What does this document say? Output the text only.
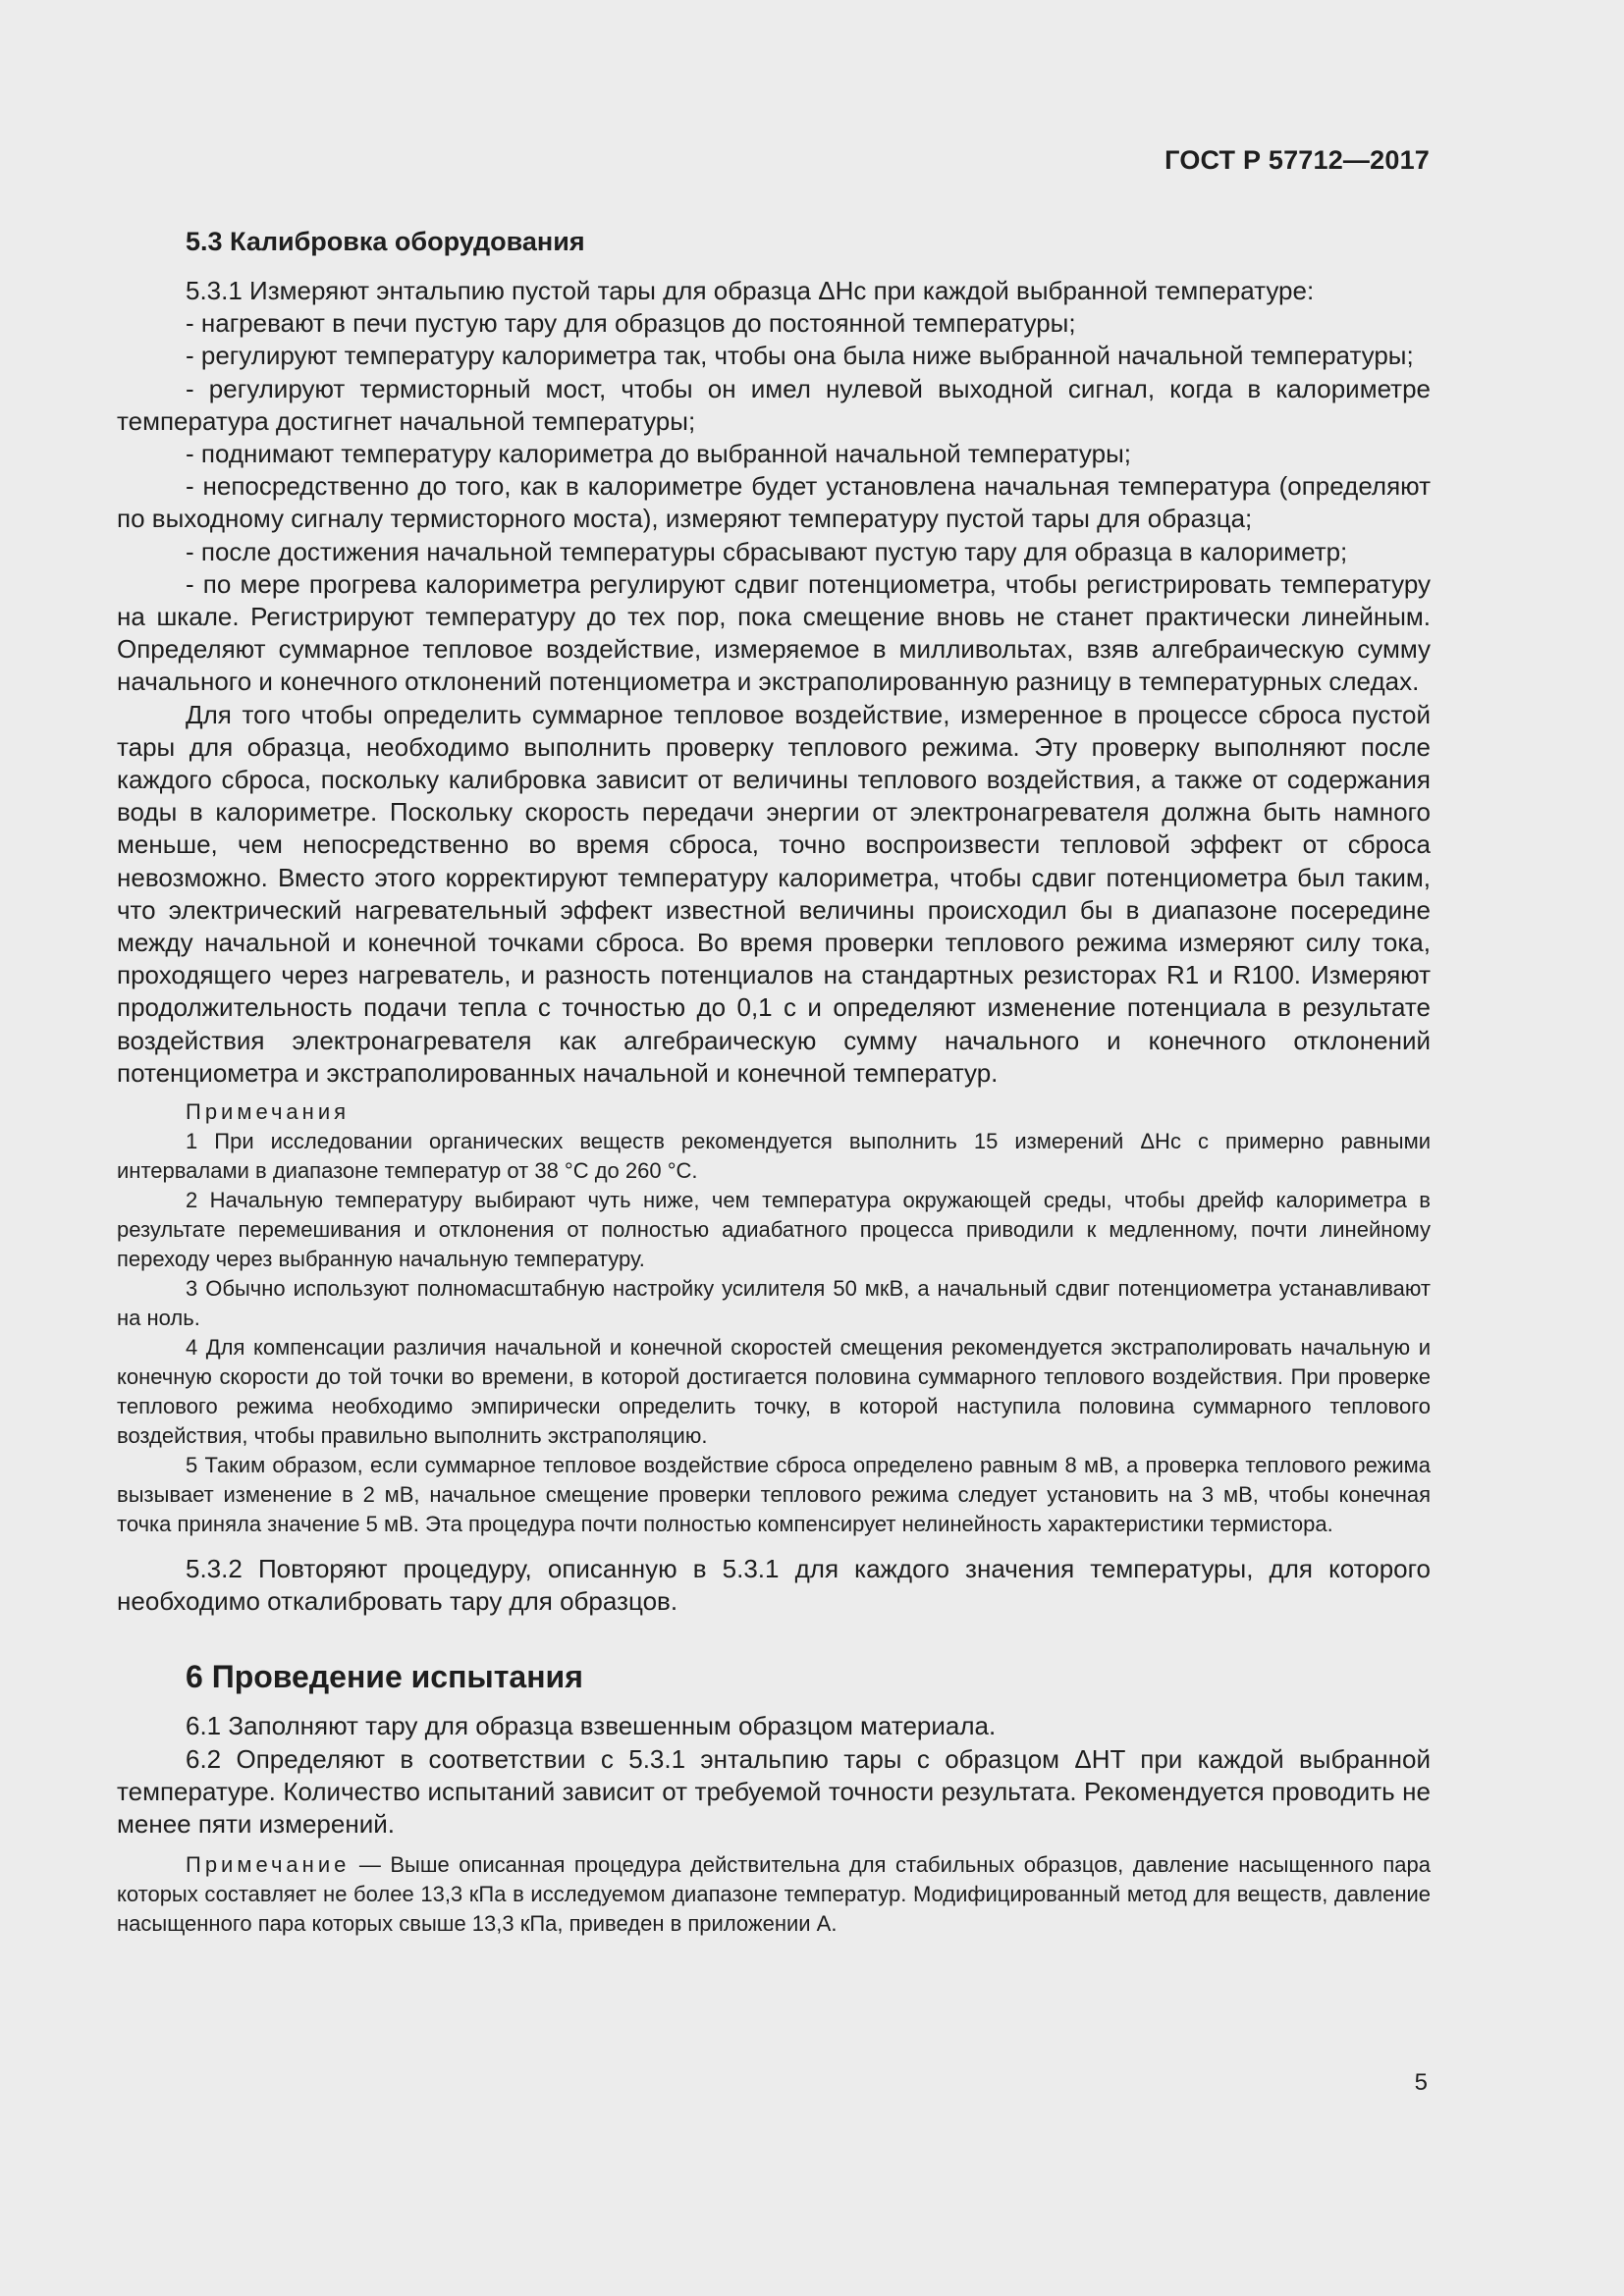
ГОСТ Р 57712—2017
5.3 Калибровка оборудования

5.3.1 Измеряют энтальпию пустой тары для образца ΔHc при каждой выбранной температуре:

- нагревают в печи пустую тару для образцов до постоянной температуры;

- регулируют температуру калориметра так, чтобы она была ниже выбранной начальной температуры;

- регулируют термисторный мост, чтобы он имел нулевой выходной сигнал, когда в калориметре температура достигнет начальной температуры;

- поднимают температуру калориметра до выбранной начальной температуры;

- непосредственно до того, как в калориметре будет установлена начальная температура (определяют по выходному сигналу термисторного моста), измеряют температуру пустой тары для образца;

- после достижения начальной температуры сбрасывают пустую тару для образца в калориметр;

- по мере прогрева калориметра регулируют сдвиг потенциометра, чтобы регистрировать температуру на шкале. Регистрируют температуру до тех пор, пока смещение вновь не станет практически линейным. Определяют суммарное тепловое воздействие, измеряемое в милливольтах, взяв алгебраическую сумму начального и конечного отклонений потенциометра и экстраполированную разницу в температурных следах.

Для того чтобы определить суммарное тепловое воздействие, измеренное в процессе сброса пустой тары для образца, необходимо выполнить проверку теплового режима. Эту проверку выполняют после каждого сброса, поскольку калибровка зависит от величины теплового воздействия, а также от содержания воды в калориметре. Поскольку скорость передачи энергии от электронагревателя должна быть намного меньше, чем непосредственно во время сброса, точно воспроизвести тепловой эффект от сброса невозможно. Вместо этого корректируют температуру калориметра, чтобы сдвиг потенциометра был таким, что электрический нагревательный эффект известной величины происходил бы в диапазоне посередине между начальной и конечной точками сброса. Во время проверки теплового режима измеряют силу тока, проходящего через нагреватель, и разность потенциалов на стандартных резисторах R1 и R100. Измеряют продолжительность подачи тепла с точностью до 0,1 с и определяют изменение потенциала в результате воздействия электронагревателя как алгебраическую сумму начального и конечного отклонений потенциометра и экстраполированных начальной и конечной температур.

Примечания

1 При исследовании органических веществ рекомендуется выполнить 15 измерений ΔHc с примерно равными интервалами в диапазоне температур от 38 °C до 260 °C.

2 Начальную температуру выбирают чуть ниже, чем температура окружающей среды, чтобы дрейф калориметра в результате перемешивания и отклонения от полностью адиабатного процесса приводили к медленному, почти линейному переходу через выбранную начальную температуру.

3 Обычно используют полномасштабную настройку усилителя 50 мкВ, а начальный сдвиг потенциометра устанавливают на ноль.

4 Для компенсации различия начальной и конечной скоростей смещения рекомендуется экстраполировать начальную и конечную скорости до той точки во времени, в которой достигается половина суммарного теплового воздействия. При проверке теплового режима необходимо эмпирически определить точку, в которой наступила половина суммарного теплового воздействия, чтобы правильно выполнить экстраполяцию.

5 Таким образом, если суммарное тепловое воздействие сброса определено равным 8 мВ, а проверка теплового режима вызывает изменение в 2 мВ, начальное смещение проверки теплового режима следует установить на 3 мВ, чтобы конечная точка приняла значение 5 мВ. Эта процедура почти полностью компенсирует нелинейность характеристики термистора.

5.3.2 Повторяют процедуру, описанную в 5.3.1 для каждого значения температуры, для которого необходимо откалибровать тару для образцов.

6 Проведение испытания

6.1 Заполняют тару для образца взвешенным образцом материала.

6.2 Определяют в соответствии с 5.3.1 энтальпию тары с образцом ΔHT при каждой выбранной температуре. Количество испытаний зависит от требуемой точности результата. Рекомендуется проводить не менее пяти измерений.

Примечание — Выше описанная процедура действительна для стабильных образцов, давление насыщенного пара которых составляет не более 13,3 кПа в исследуемом диапазоне температур. Модифицированный метод для веществ, давление насыщенного пара которых свыше 13,3 кПа, приведен в приложении А.

5
